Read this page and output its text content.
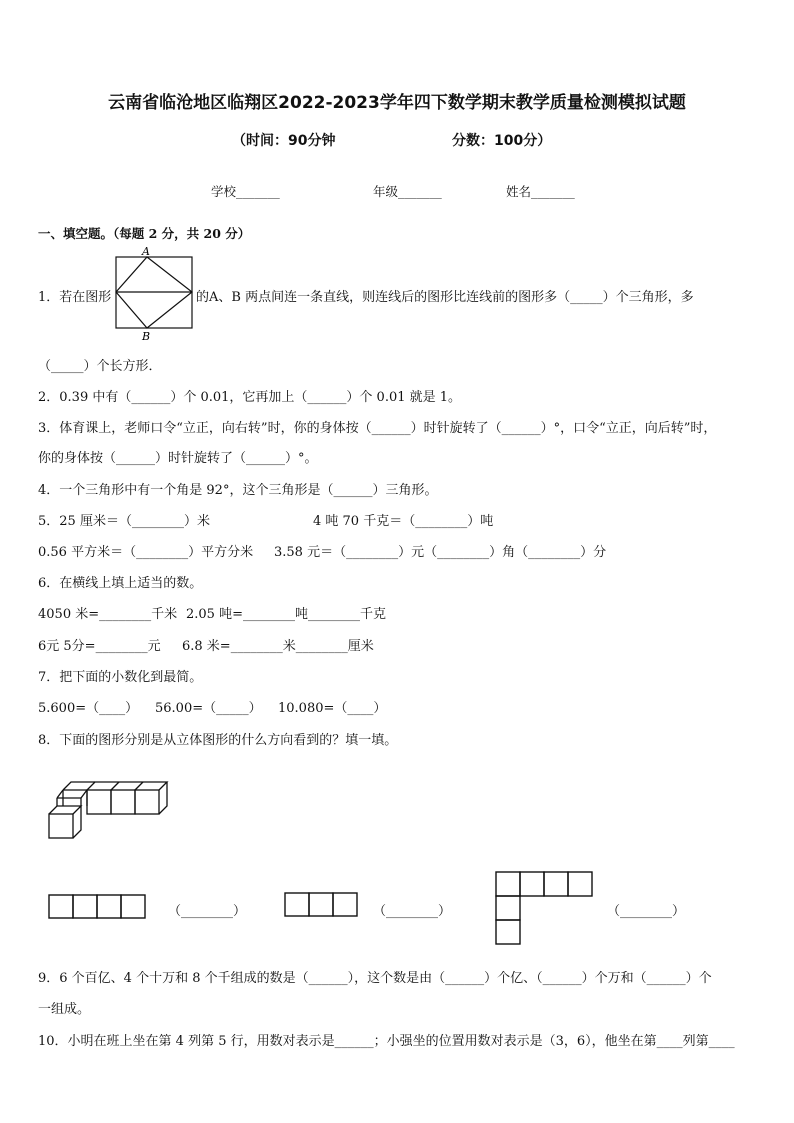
云南省临沧地区临翔区2022-2023学年四下数学期末教学质量检测模拟试题
（时间：90分钟	分数：100分）
学校_______	年级_______	姓名_______
一、填空题。（每题 2 分，共 20 分）
1．若在图形
A
B
的A、B 两点间连一条直线，则连线后的图形比连线前的图形多（_____）个三角形，多
（_____）个长方形．
2．0.39 中有（______）个 0.01，它再加上（______）个 0.01 就是 1。
3．体育课上，老师口令“立正，向右转”时，你的身体按（______）时针旋转了（______）°，口令“立正，向后转”时，
你的身体按（______）时针旋转了（______）°。
4．一个三角形中有一个角是 92°，这个三角形是（______）三角形。
5．25 厘米＝（________）米	4 吨 70 千克＝（________）吨
0.56 平方米＝（________）平方分米 3.58 元＝（________）元（________）角（________）分
6．在横线上填上适当的数。
4050 米=________千米 2.05 吨=________吨________千克
6元 5分=________元 6.8 米=________米________厘米
7．把下面的小数化到最简。
5.600=（____） 56.00=（_____） 10.080=（____）
8．下面的图形分别是从立体图形的什么方向看到的？填一填。
（________）	（________）	（________）
9．6 个百亿、4 个十万和 8 个千组成的数是（______），这个数是由（______）个亿、（______）个万和（______）个
一组成。
10．小明在班上坐在第 4 列第 5 行，用数对表示是______；小强坐的位置用数对表示是（3，6），他坐在第____列第____
